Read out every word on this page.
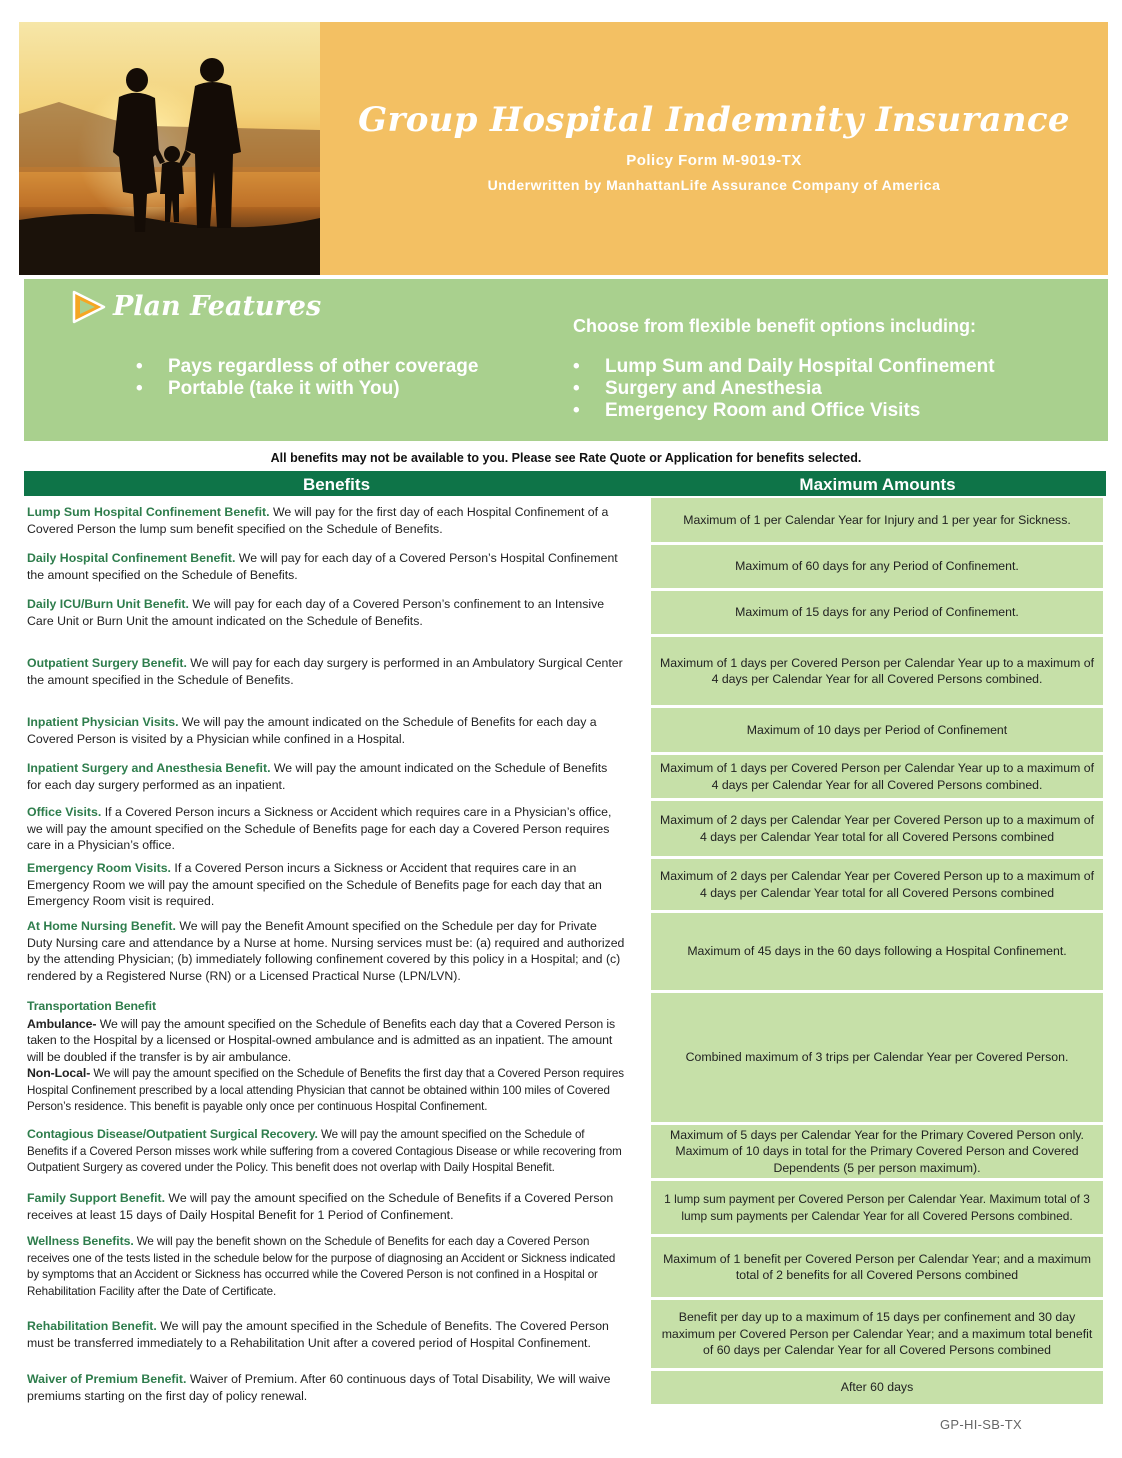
Group Hospital Indemnity Insurance
Policy Form M-9019-TX
Underwritten by ManhattanLife Assurance Company of America
Plan Features
Choose from flexible benefit options including:
• Pays regardless of other coverage
• Portable (take it with You)
• Lump Sum and Daily Hospital Confinement
• Surgery and Anesthesia
• Emergency Room and Office Visits
All benefits may not be available to you. Please see Rate Quote or Application for benefits selected.
Benefits	Maximum Amounts
Lump Sum Hospital Confinement Benefit. We will pay for the first day of each Hospital Confinement of a Covered Person the lump sum benefit specified on the Schedule of Benefits.
Maximum of 1 per Calendar Year for Injury and 1 per year for Sickness.
Daily Hospital Confinement Benefit. We will pay for each day of a Covered Person’s Hospital Confinement the amount specified on the Schedule of Benefits.
Maximum of 60 days for any Period of Confinement.
Daily ICU/Burn Unit Benefit. We will pay for each day of a Covered Person’s confinement to an Intensive Care Unit or Burn Unit the amount indicated on the Schedule of Benefits.
Maximum of 15 days for any Period of Confinement.
Outpatient Surgery Benefit. We will pay for each day surgery is performed in an Ambulatory Surgical Center the amount specified in the Schedule of Benefits.
Maximum of 1 days per Covered Person per Calendar Year up to a maximum of 4 days per Calendar Year for all Covered Persons combined.
Inpatient Physician Visits. We will pay the amount indicated on the Schedule of Benefits for each day a Covered Person is visited by a Physician while confined in a Hospital.
Maximum of 10 days per Period of Confinement
Inpatient Surgery and Anesthesia Benefit. We will pay the amount indicated on the Schedule of Benefits for each day surgery performed as an inpatient.
Maximum of 1 days per Covered Person per Calendar Year up to a maximum of 4 days per Calendar Year for all Covered Persons combined.
Office Visits. If a Covered Person incurs a Sickness or Accident which requires care in a Physician’s office, we will pay the amount specified on the Schedule of Benefits page for each day a Covered Person requires care in a Physician’s office.
Maximum of 2 days per Calendar Year per Covered Person up to a maximum of 4 days per Calendar Year total for all Covered Persons combined
Emergency Room Visits. If a Covered Person incurs a Sickness or Accident that requires care in an Emergency Room we will pay the amount specified on the Schedule of Benefits page for each day that an Emergency Room visit is required.
Maximum of 2 days per Calendar Year per Covered Person up to a maximum of 4 days per Calendar Year total for all Covered Persons combined
At Home Nursing Benefit. We will pay the Benefit Amount specified on the Schedule per day for Private Duty Nursing care and attendance by a Nurse at home. Nursing services must be: (a) required and authorized by the attending Physician; (b) immediately following confinement covered by this policy in a Hospital; and (c) rendered by a Registered Nurse (RN) or a Licensed Practical Nurse (LPN/LVN).
Maximum of 45 days in the 60 days following a Hospital Confinement.
Transportation Benefit
Ambulance- We will pay the amount specified on the Schedule of Benefits each day that a Covered Person is taken to the Hospital by a licensed or Hospital-owned ambulance and is admitted as an inpatient. The amount will be doubled if the transfer is by air ambulance.
Non-Local- We will pay the amount specified on the Schedule of Benefits the first day that a Covered Person requires Hospital Confinement prescribed by a local attending Physician that cannot be obtained within 100 miles of Covered Person’s residence. This benefit is payable only once per continuous Hospital Confinement.
Combined maximum of 3 trips per Calendar Year per Covered Person.
Contagious Disease/Outpatient Surgical Recovery. We will pay the amount specified on the Schedule of Benefits if a Covered Person misses work while suffering from a covered Contagious Disease or while recovering from Outpatient Surgery as covered under the Policy. This benefit does not overlap with Daily Hospital Benefit.
Maximum of 5 days per Calendar Year for the Primary Covered Person only. Maximum of 10 days in total for the Primary Covered Person and Covered Dependents (5 per person maximum).
Family Support Benefit. We will pay the amount specified on the Schedule of Benefits if a Covered Person receives at least 15 days of Daily Hospital Benefit for 1 Period of Confinement.
1 lump sum payment per Covered Person per Calendar Year. Maximum total of 3 lump sum payments per Calendar Year for all Covered Persons combined.
Wellness Benefits. We will pay the benefit shown on the Schedule of Benefits for each day a Covered Person receives one of the tests listed in the schedule below for the purpose of diagnosing an Accident or Sickness indicated by symptoms that an Accident or Sickness has occurred while the Covered Person is not confined in a Hospital or Rehabilitation Facility after the Date of Certificate.
Maximum of 1 benefit per Covered Person per Calendar Year; and a maximum total of 2 benefits for all Covered Persons combined
Rehabilitation Benefit. We will pay the amount specified in the Schedule of Benefits. The Covered Person must be transferred immediately to a Rehabilitation Unit after a covered period of Hospital Confinement.
Benefit per day up to a maximum of 15 days per confinement and 30 day maximum per Covered Person per Calendar Year; and a maximum total benefit of 60 days per Calendar Year for all Covered Persons combined
Waiver of Premium Benefit. Waiver of Premium. After 60 continuous days of Total Disability, We will waive premiums starting on the first day of policy renewal.
After 60 days
GP-HI-SB-TX
